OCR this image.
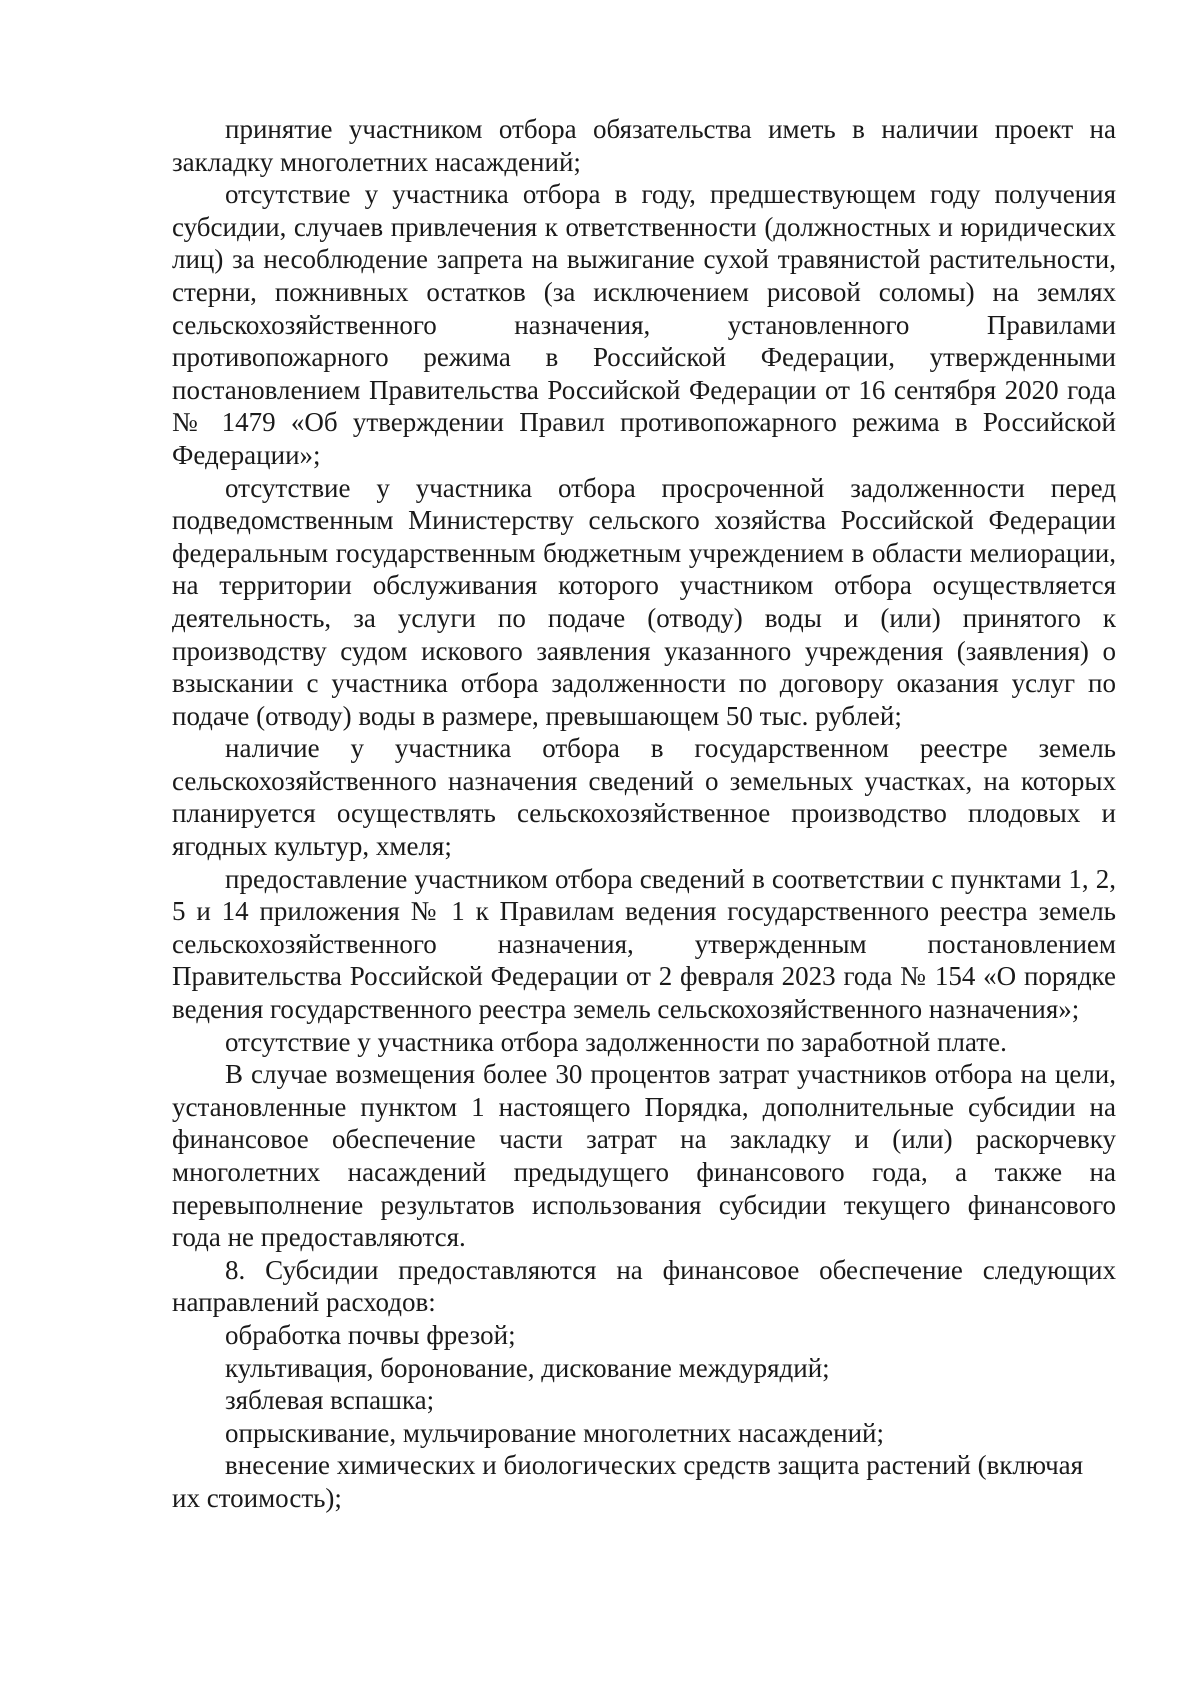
принятие участником отбора обязательства иметь в наличии проект на закладку многолетних насаждений;

отсутствие у участника отбора в году, предшествующем году получения субсидии, случаев привлечения к ответственности (должностных и юридических лиц) за несоблюдение запрета на выжигание сухой травянистой растительности, стерни, пожнивных остатков (за исключением рисовой соломы) на землях сельскохозяйственного назначения, установленного Правилами противопожарного режима в Российской Федерации, утвержденными постановлением Правительства Российской Федерации от 16 сентября 2020 года № 1479 «Об утверждении Правил противопожарного режима в Российской Федерации»;

отсутствие у участника отбора просроченной задолженности перед подведомственным Министерству сельского хозяйства Российской Федерации федеральным государственным бюджетным учреждением в области мелиорации, на территории обслуживания которого участником отбора осуществляется деятельность, за услуги по подаче (отводу) воды и (или) принятого к производству судом искового заявления указанного учреждения (заявления) о взыскании с участника отбора задолженности по договору оказания услуг по подаче (отводу) воды в размере, превышающем 50 тыс. рублей;

наличие у участника отбора в государственном реестре земель сельскохозяйственного назначения сведений о земельных участках, на которых планируется осуществлять сельскохозяйственное производство плодовых и ягодных культур, хмеля;

предоставление участником отбора сведений в соответствии с пунктами 1, 2, 5 и 14 приложения № 1 к Правилам ведения государственного реестра земель сельскохозяйственного назначения, утвержденным постановлением Правительства Российской Федерации от 2 февраля 2023 года № 154 «О порядке ведения государственного реестра земель сельскохозяйственного назначения»;

отсутствие у участника отбора задолженности по заработной плате.

В случае возмещения более 30 процентов затрат участников отбора на цели, установленные пунктом 1 настоящего Порядка, дополнительные субсидии на финансовое обеспечение части затрат на закладку и (или) раскорчевку многолетних насаждений предыдущего финансового года, а также на перевыполнение результатов использования субсидии текущего финансового года не предоставляются.

8. Субсидии предоставляются на финансовое обеспечение следующих направлений расходов:

обработка почвы фрезой;

культивация, боронование, дискование междурядий;

зяблевая вспашка;

опрыскивание, мульчирование многолетних насаждений;

внесение химических и биологических средств защита растений (включая их стоимость);
